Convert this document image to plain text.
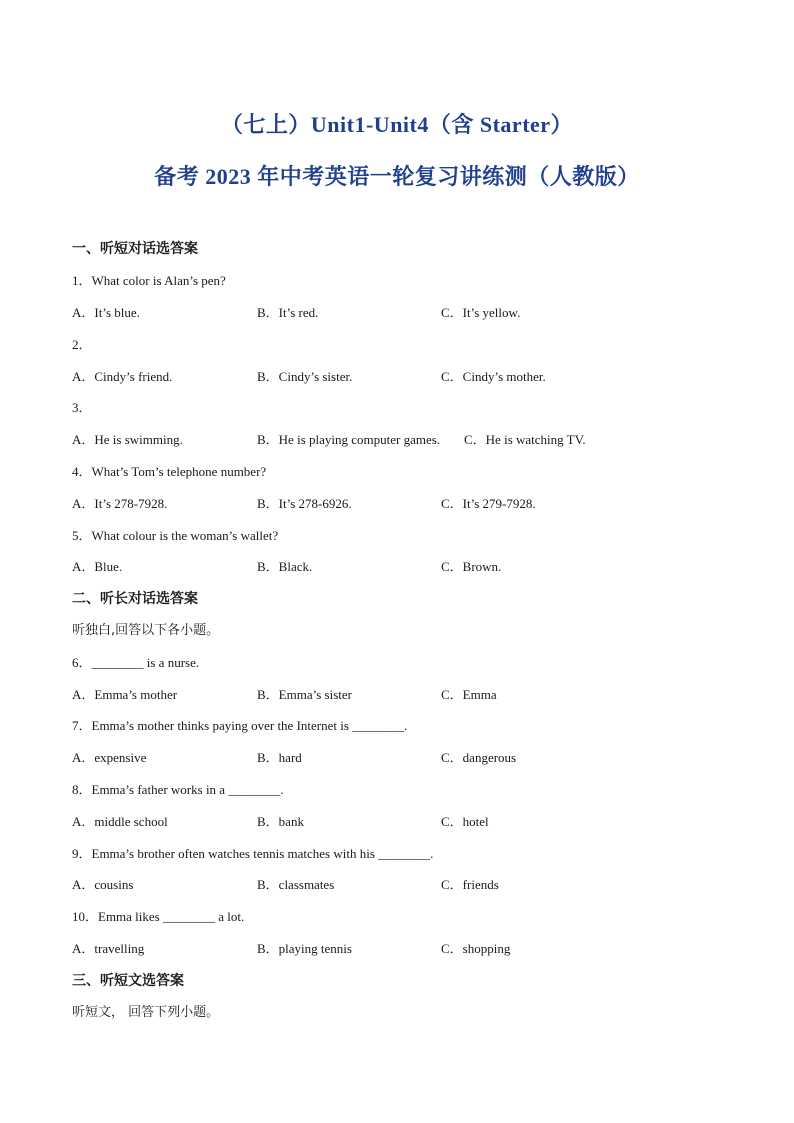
（七上）Unit1-Unit4（含 Starter）
备考 2023 年中考英语一轮复习讲练测（人教版）
一、听短对话选答案
1．What color is Alan’s pen?
A．It’s blue.	B．It’s red.	C．It’s yellow.
2．
A．Cindy’s friend.	B．Cindy’s sister.	C．Cindy’s mother.
3．
A．He is swimming.	B．He is playing computer games. C．He is watching TV.
4．What’s Tom’s telephone number?
A．It’s 278-7928.	B．It’s 278-6926.	C．It’s 279-7928.
5．What colour is the woman’s wallet?
A．Blue.	B．Black.	C．Brown.
二、听长对话选答案
听独白,回答以下各小题。
6．________ is a nurse.
A．Emma’s mother	B．Emma’s sister	C．Emma
7．Emma’s mother thinks paying over the Internet is ________.
A．expensive	B．hard	C．dangerous
8．Emma’s father works in a ________.
A．middle school	B．bank	C．hotel
9．Emma’s brother often watches tennis matches with his ________.
A．cousins	B．classmates	C．friends
10．Emma likes ________ a lot.
A．travelling	B．playing tennis	C．shopping
三、听短文选答案
听短文， 回答下列小题。
